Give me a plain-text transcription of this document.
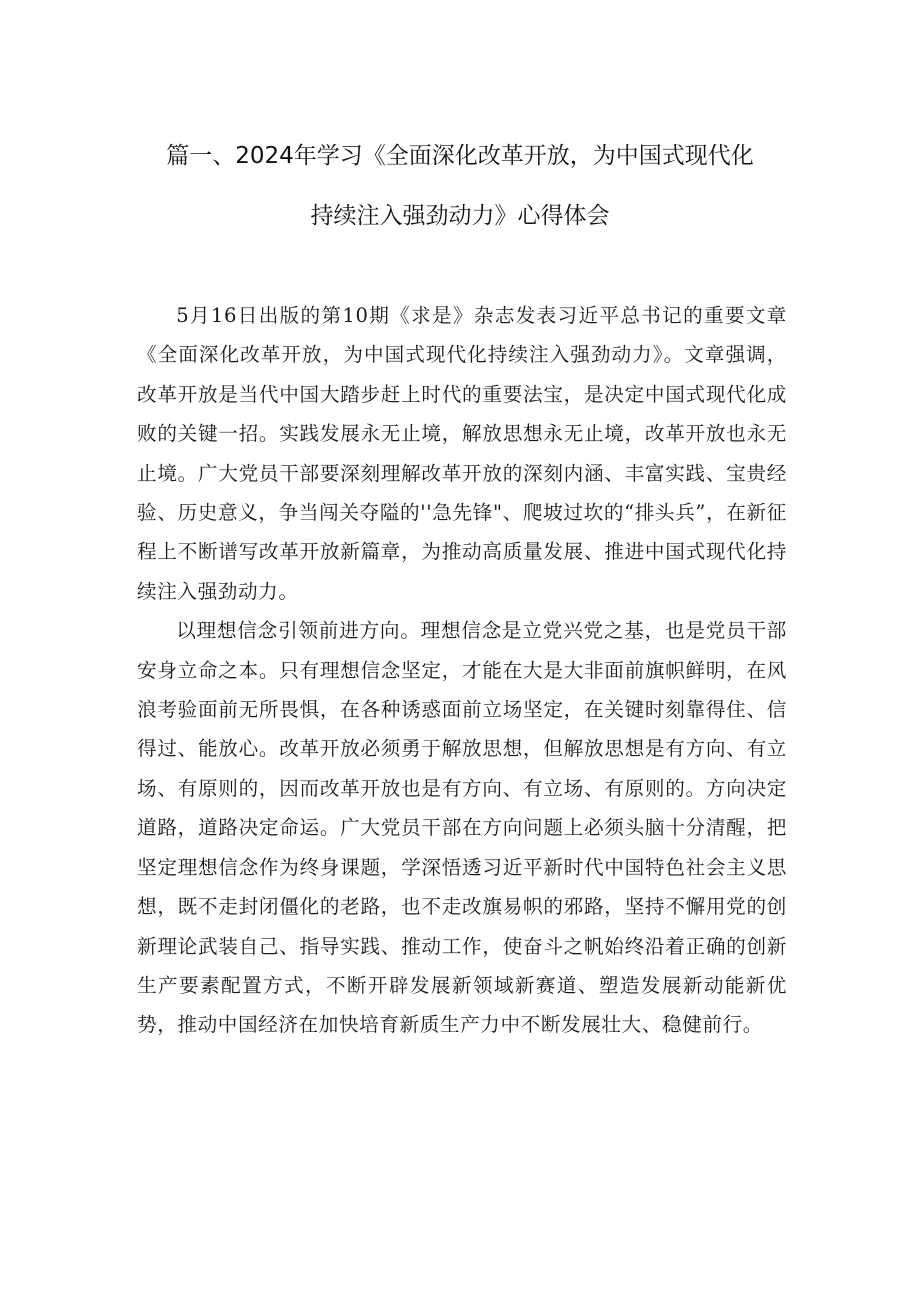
篇一、2024年学习《全面深化改革开放，为中国式现代化
持续注入强劲动力》心得体会

5月16日出版的第10期《求是》杂志发表习近平总书记的重要文章《全面深化改革开放，为中国式现代化持续注入强劲动力》。文章强调，改革开放是当代中国大踏步赶上时代的重要法宝，是决定中国式现代化成败的关键一招。实践发展永无止境，解放思想永无止境，改革开放也永无止境。广大党员干部要深刻理解改革开放的深刻内涵、丰富实践、宝贵经验、历史意义，争当闯关夺隘的''急先锋"、爬坡过坎的“排头兵”，在新征程上不断谱写改革开放新篇章，为推动高质量发展、推进中国式现代化持续注入强劲动力。

以理想信念引领前进方向。理想信念是立党兴党之基，也是党员干部安身立命之本。只有理想信念坚定，才能在大是大非面前旗帜鲜明，在风浪考验面前无所畏惧，在各种诱惑面前立场坚定，在关键时刻靠得住、信得过、能放心。改革开放必须勇于解放思想，但解放思想是有方向、有立场、有原则的，因而改革开放也是有方向、有立场、有原则的。方向决定道路，道路决定命运。广大党员干部在方向问题上必须头脑十分清醒，把坚定理想信念作为终身课题，学深悟透习近平新时代中国特色社会主义思想，既不走封闭僵化的老路，也不走改旗易帜的邪路，坚持不懈用党的创新理论武装自己、指导实践、推动工作，使奋斗之帆始终沿着正确的创新生产要素配置方式，不断开辟发展新领域新赛道、塑造发展新动能新优势，推动中国经济在加快培育新质生产力中不断发展壮大、稳健前行。
